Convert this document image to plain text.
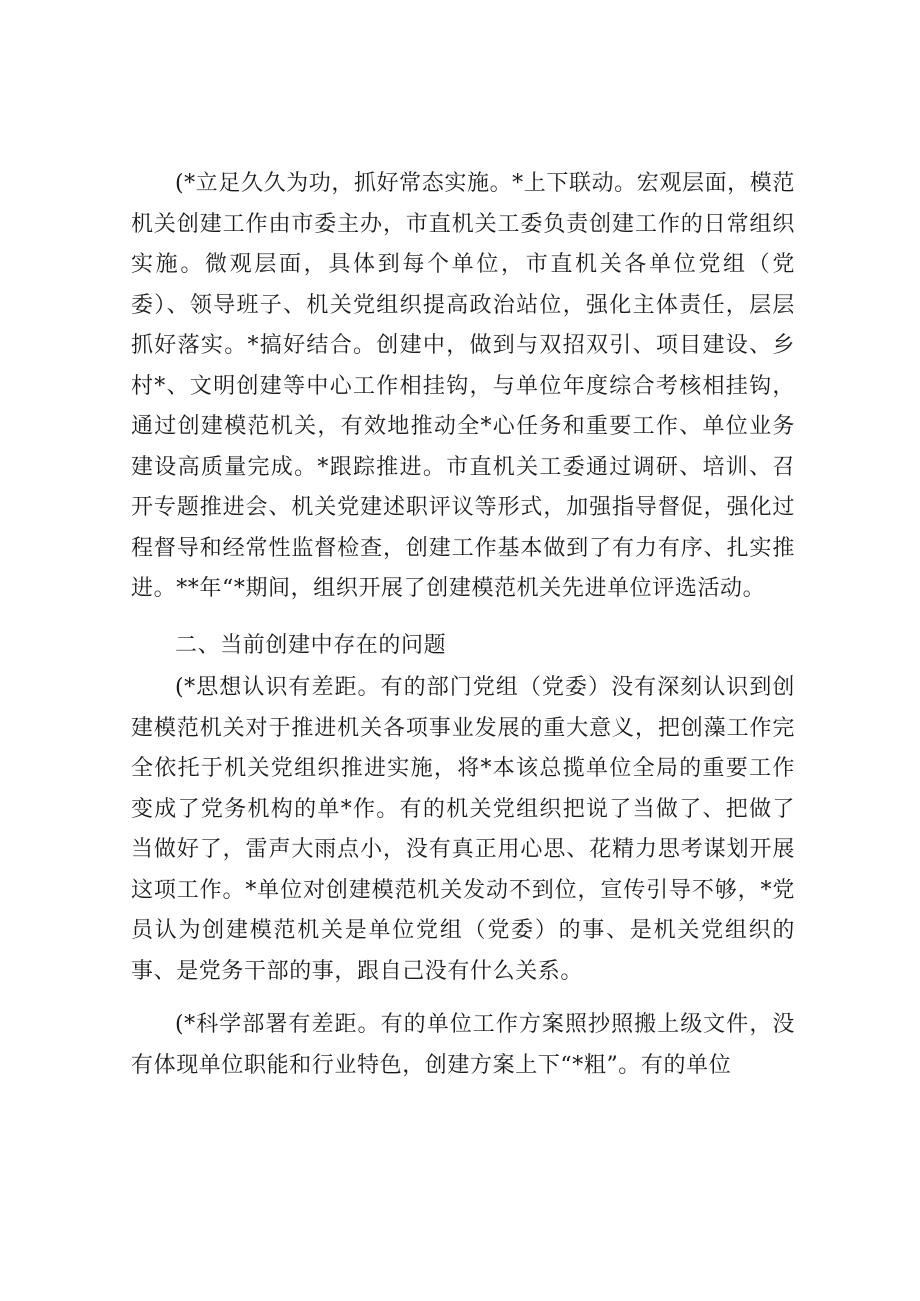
(*立足久久为功，抓好常态实施。*上下联动。宏观层面，模范机关创建工作由市委主办，市直机关工委负责创建工作的日常组织实施。微观层面，具体到每个单位，市直机关各单位党组（党委）、领导班子、机关党组织提高政治站位，强化主体责任，层层抓好落实。*搞好结合。创建中，做到与双招双引、项目建设、乡村*、文明创建等中心工作相挂钩，与单位年度综合考核相挂钩，通过创建模范机关，有效地推动全*心任务和重要工作、单位业务建设高质量完成。*跟踪推进。市直机关工委通过调研、培训、召开专题推进会、机关党建述职评议等形式，加强指导督促，强化过程督导和经常性监督检查，创建工作基本做到了有力有序、扎实推进。**年“*期间，组织开展了创建模范机关先进单位评选活动。

二、当前创建中存在的问题

(*思想认识有差距。有的部门党组（党委）没有深刻认识到创建模范机关对于推进机关各项事业发展的重大意义，把创藻工作完全依托于机关党组织推进实施，将*本该总揽单位全局的重要工作变成了党务机构的单*作。有的机关党组织把说了当做了、把做了当做好了，雷声大雨点小，没有真正用心思、花精力思考谋划开展这项工作。*单位对创建模范机关发动不到位，宣传引导不够，*党员认为创建模范机关是单位党组（党委）的事、是机关党组织的事、是党务干部的事，跟自己没有什么关系。

(*科学部署有差距。有的单位工作方案照抄照搬上级文件，没有体现单位职能和行业特色，创建方案上下“*粗”。有的单位
